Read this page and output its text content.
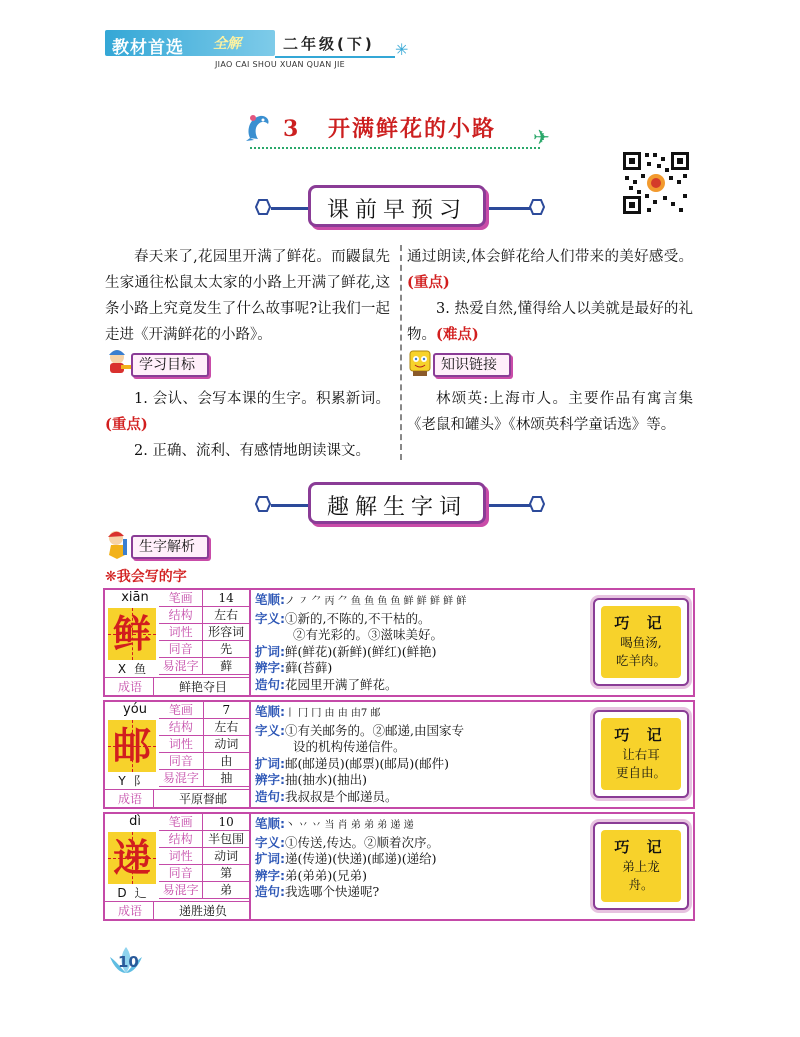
教材首选 全解	二年级(下) ✳
JIAO CAI SHOU XUAN QUAN JIE
3 开满鲜花的小路 ✈
课前早预习

春天来了,花园里开满了鲜花。而鼹鼠先生家通往松鼠太太家的小路上开满了鲜花,这条小路上究竟发生了什么故事呢?让我们一起走进《开满鲜花的小路》。

学习目标

1. 会认、会写本课的生字。积累新词。(重点)

2. 正确、流利、有感情地朗读课文。

通过朗读,体会鲜花给人们带来的美好感受。(重点)

3. 热爱自然,懂得给人以美就是最好的礼物。(难点)

知识链接

林颂英:上海市人。主要作品有寓言集《老鼠和罐头》《林颂英科学童话选》等。

趣解生字词
生字解析
❋我会写的字
xiān
鲜
X 鱼
笔画	14
结构	左右
词性	形容词
同音	先
易混字	藓
成语	鲜艳夺目
笔顺:ノ ㇇ ⺈ 丙 ⺈ 鱼 鱼 鱼 鱼 鲜 鲜 鲜 鲜 鲜
字义:①新的,不陈的,不干枯的。
②有光彩的。③滋味美好。
扩词:鲜(鲜花)(新鲜)(鲜红)(鲜艳)
辨字:藓(苔藓)
造句:花园里开满了鲜花。
巧 记
喝鱼汤,
吃羊肉。
yóu
邮
Y 阝
笔画	7
结构	左右
词性	动词
同音	由
易混字	抽
成语	平原督邮
笔顺:丨 冂 冂 由 由 由7 邮
字义:①有关邮务的。②邮递,由国家专
设的机构传递信件。
扩词:邮(邮递员)(邮票)(邮局)(邮件)
辨字:抽(抽水)(抽出)
造句:我叔叔是个邮递员。
巧 记
让右耳
更自由。
dì
递
D 辶
笔画	10
结构	半包围
词性	动词
同音	第
易混字	弟
成语	递胜递负
笔顺:丶 丷 丷 当 肖 弟 弟 弟 递 递
字义:①传送,传达。②顺着次序。
扩词:递(传递)(快递)(邮递)(递给)
辨字:弟(弟弟)(兄弟)
造句:我选哪个快递呢?
巧 记
弟上龙
舟。
10
